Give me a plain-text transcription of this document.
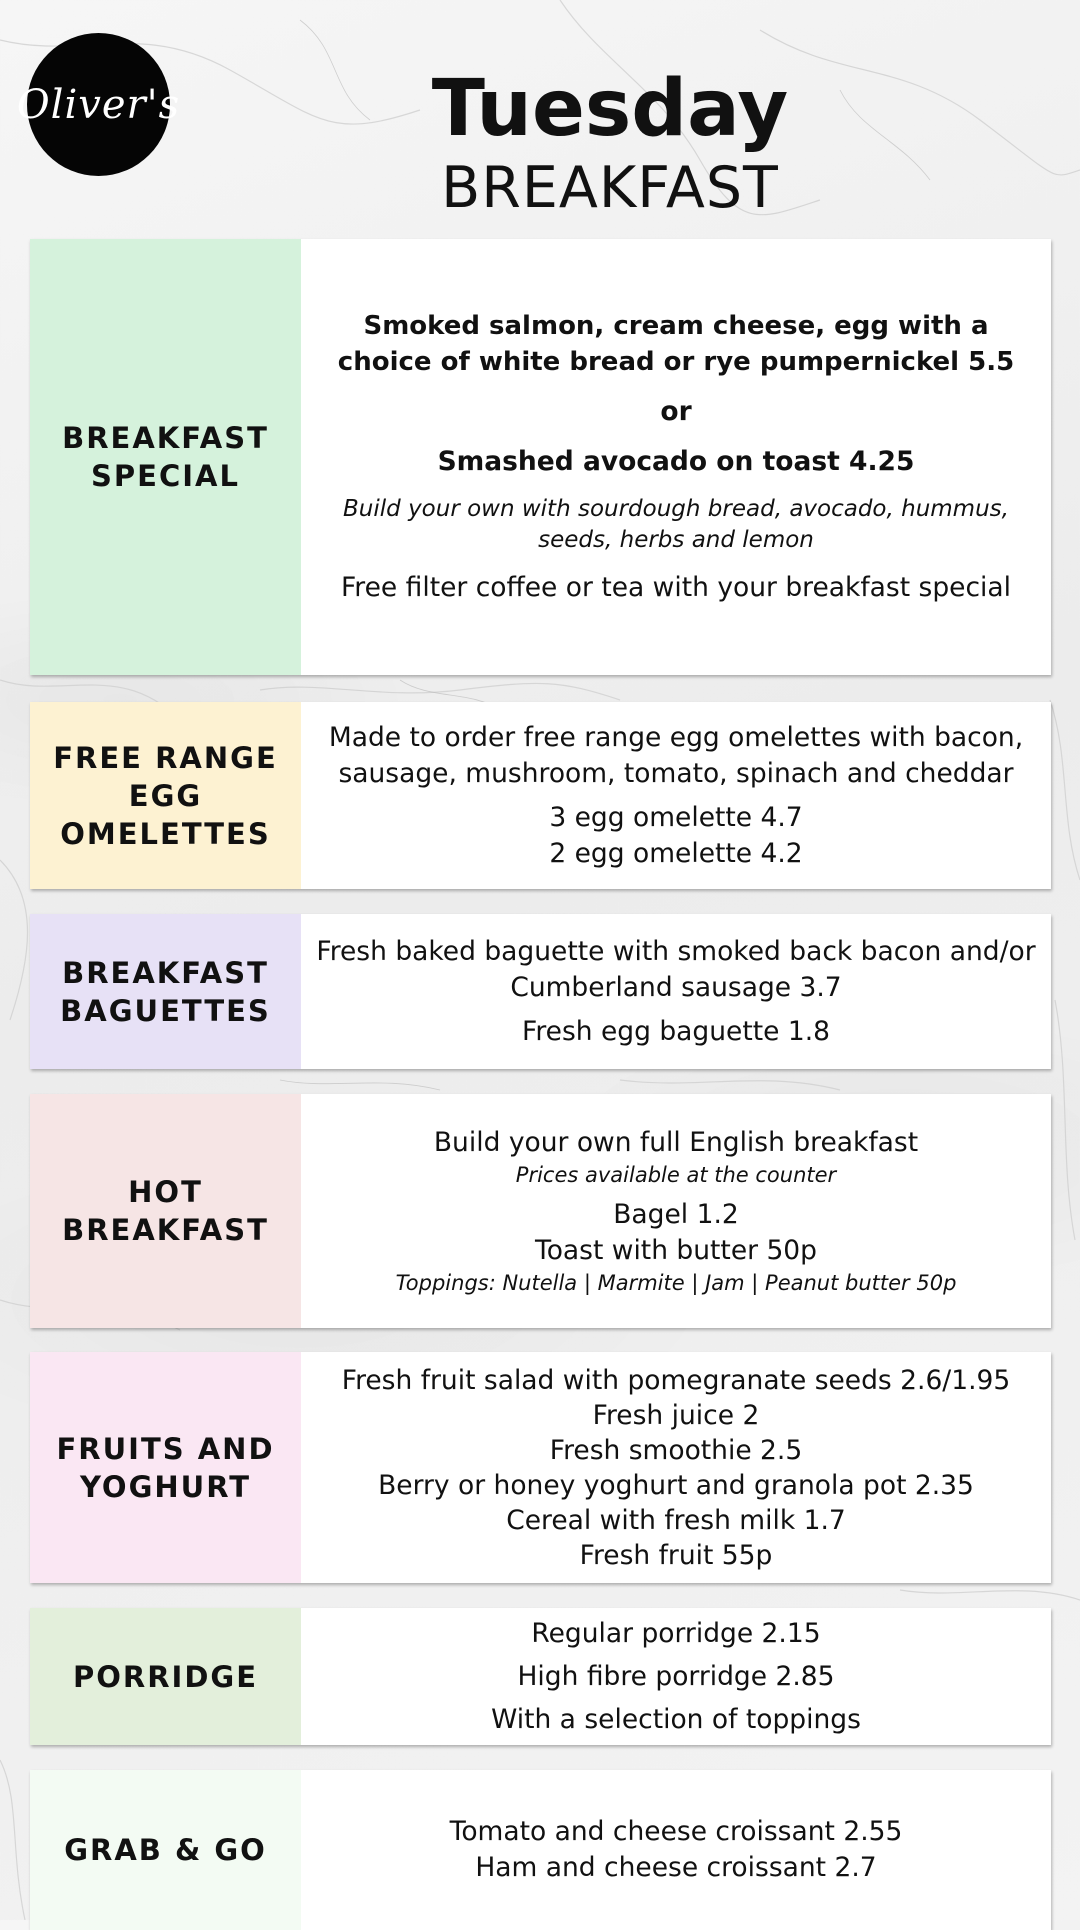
Oliver's	Tuesday
BREAKFAST
BREAKFAST SPECIAL
Smoked salmon, cream cheese, egg with a choice of white bread or rye pumpernickel 5.5
or
Smashed avocado on toast 4.25
Build your own with sourdough bread, avocado, hummus, seeds, herbs and lemon
Free filter coffee or tea with your breakfast special
FREE RANGE EGG OMELETTES
Made to order free range egg omelettes with bacon, sausage, mushroom, tomato, spinach and cheddar
3 egg omelette 4.7
2 egg omelette 4.2
BREAKFAST BAGUETTES
Fresh baked baguette with smoked back bacon and/or Cumberland sausage 3.7
Fresh egg baguette 1.8
HOT BREAKFAST
Build your own full English breakfast
Prices available at the counter
Bagel 1.2
Toast with butter 50p
Toppings: Nutella | Marmite | Jam | Peanut butter 50p
FRUITS AND YOGHURT
Fresh fruit salad with pomegranate seeds 2.6/1.95
Fresh juice 2
Fresh smoothie 2.5
Berry or honey yoghurt and granola pot 2.35
Cereal with fresh milk 1.7
Fresh fruit 55p
PORRIDGE
Regular porridge 2.15
High fibre porridge 2.85
With a selection of toppings
GRAB & GO
Tomato and cheese croissant 2.55
Ham and cheese croissant 2.7
